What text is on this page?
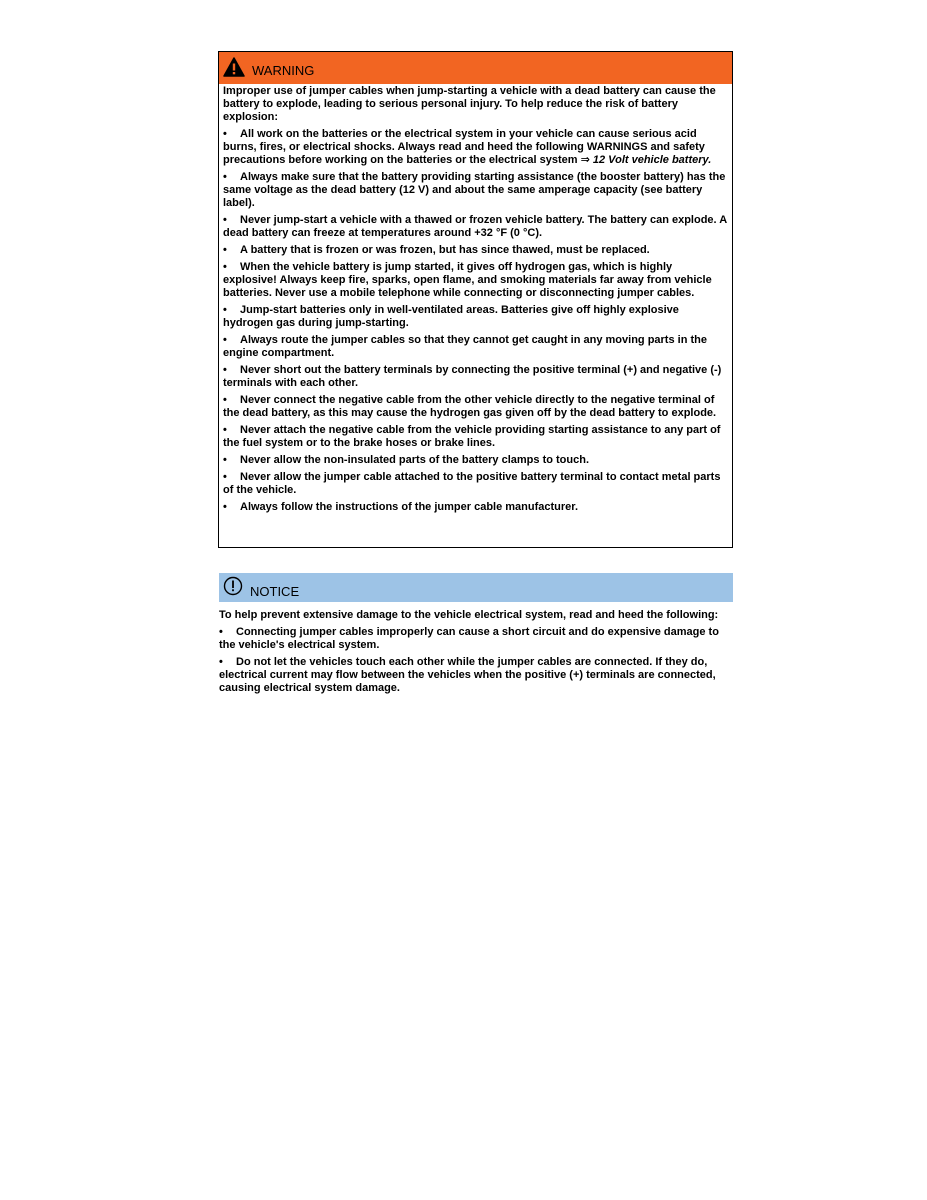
WARNING

Improper use of jumper cables when jump-starting a vehicle with a dead battery can cause the battery to explode, leading to serious personal injury. To help reduce the risk of battery explosion:

• All work on the batteries or the electrical system in your vehicle can cause serious acid burns, fires, or electrical shocks. Always read and heed the following WARNINGS and safety precautions before working on the batteries or the electrical system ⇒ 12 Volt vehicle battery.

• Always make sure that the battery providing starting assistance (the booster battery) has the same voltage as the dead battery (12 V) and about the same amperage capacity (see battery label).

• Never jump-start a vehicle with a thawed or frozen vehicle battery. The battery can explode. A dead battery can freeze at temperatures around +32 °F (0 °C).

• A battery that is frozen or was frozen, but has since thawed, must be replaced.

• When the vehicle battery is jump started, it gives off hydrogen gas, which is highly explosive! Always keep fire, sparks, open flame, and smoking materials far away from vehicle batteries. Never use a mobile telephone while connecting or disconnecting jumper cables.

• Jump-start batteries only in well-ventilated areas. Batteries give off highly explosive hydrogen gas during jump-starting.

• Always route the jumper cables so that they cannot get caught in any moving parts in the engine compartment.

• Never short out the battery terminals by connecting the positive terminal (+) and negative (-) terminals with each other.

• Never connect the negative cable from the other vehicle directly to the negative terminal of the dead battery, as this may cause the hydrogen gas given off by the dead battery to explode.

• Never attach the negative cable from the vehicle providing starting assistance to any part of the fuel system or to the brake hoses or brake lines.

• Never allow the non-insulated parts of the battery clamps to touch.

• Never allow the jumper cable attached to the positive battery terminal to contact metal parts of the vehicle.

• Always follow the instructions of the jumper cable manufacturer.

NOTICE

To help prevent extensive damage to the vehicle electrical system, read and heed the following:

• Connecting jumper cables improperly can cause a short circuit and do expensive damage to the vehicle's electrical system.

• Do not let the vehicles touch each other while the jumper cables are connected. If they do, electrical current may flow between the vehicles when the positive (+) terminals are connected, causing electrical system damage.
